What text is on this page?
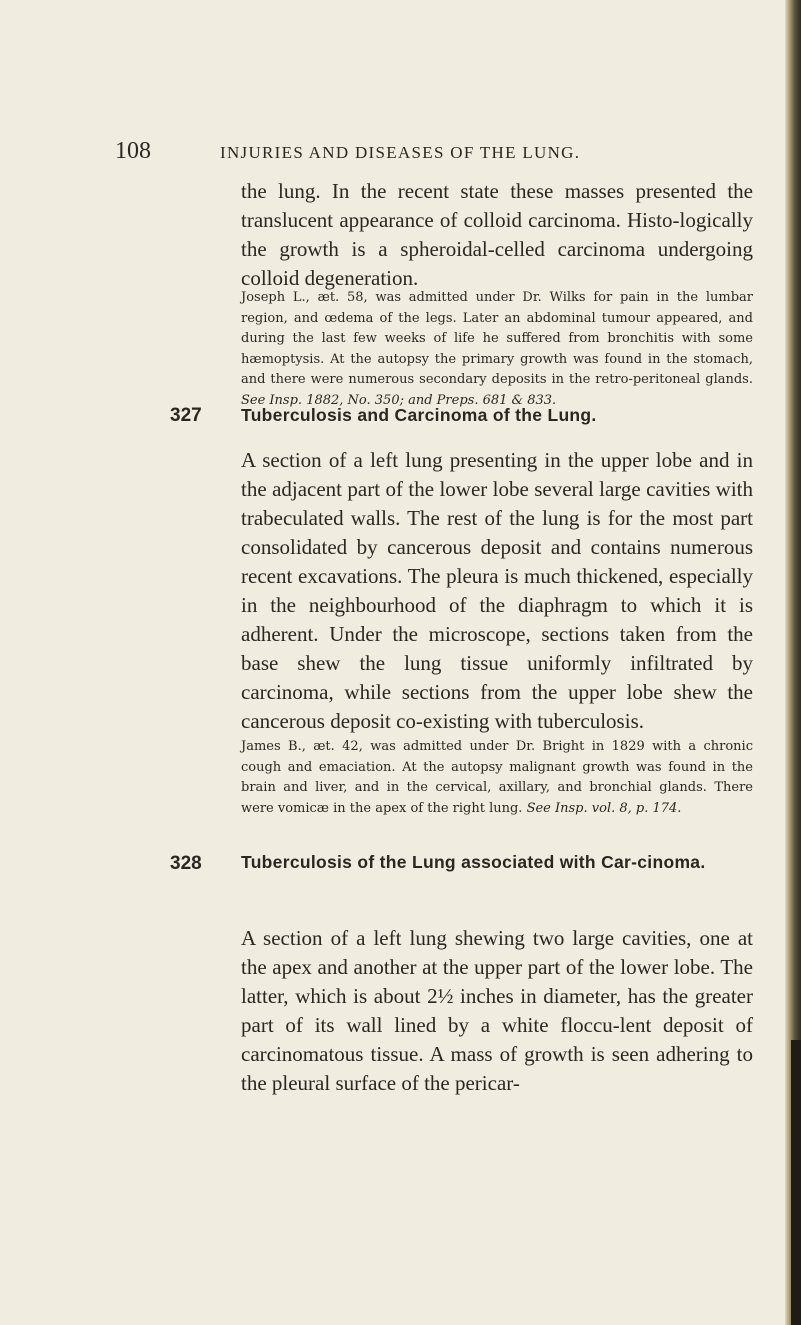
108	INJURIES AND DISEASES OF THE LUNG.

the lung. In the recent state these masses presented the translucent appearance of colloid carcinoma. Histo-logically the growth is a spheroidal-celled carcinoma undergoing colloid degeneration.

Joseph L., æt. 58, was admitted under Dr. Wilks for pain in the lumbar region, and œdema of the legs. Later an abdominal tumour appeared, and during the last few weeks of life he suffered from bronchitis with some hæmoptysis. At the autopsy the primary growth was found in the stomach, and there were numerous secondary deposits in the retro-peritoneal glands. See Insp. 1882, No. 350; and Preps. 681 & 833.

327 Tuberculosis and Carcinoma of the Lung.

A section of a left lung presenting in the upper lobe and in the adjacent part of the lower lobe several large cavities with trabeculated walls. The rest of the lung is for the most part consolidated by cancerous deposit and contains numerous recent excavations. The pleura is much thickened, especially in the neighbourhood of the diaphragm to which it is adherent. Under the microscope, sections taken from the base shew the lung tissue uniformly infiltrated by carcinoma, while sections from the upper lobe shew the cancerous deposit co-existing with tuberculosis.

James B., æt. 42, was admitted under Dr. Bright in 1829 with a chronic cough and emaciation. At the autopsy malignant growth was found in the brain and liver, and in the cervical, axillary, and bronchial glands. There were vomicæ in the apex of the right lung. See Insp. vol. 8, p. 174.

328 Tuberculosis of the Lung associated with Car-cinoma.

A section of a left lung shewing two large cavities, one at the apex and another at the upper part of the lower lobe. The latter, which is about 2½ inches in diameter, has the greater part of its wall lined by a white floccu-lent deposit of carcinomatous tissue. A mass of growth is seen adhering to the pleural surface of the pericar-
